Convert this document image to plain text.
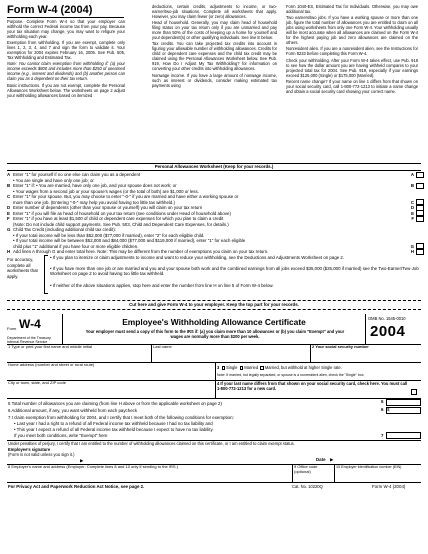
Form W-4 (2004)

Purpose. Complete Form W-4 so that your employer can withhold the correct Federal income tax from your pay. Because your tax situation may change, you may want to refigure your withholding each year.

Exemption from withholding. If you are exempt, complete only lines 1, 2, 3, 4, and 7 and sign the form to validate it. Your exemption for 2004 expires February 16, 2005. See Pub. 505, Tax Withholding and Estimated Tax.

Note: You cannot claim exemption from withholding if: (a) your income exceeds $800 and includes more than $250 of unearned income (e.g., interest and dividends) and (b) another person can claim you as a dependent on their tax return.

Basic instructions. If you are not exempt, complete the Personal Allowances Worksheet below. The worksheets on page 2 adjust your withholding allowances based on itemized

deductions, certain credits, adjustments to income, or two-earner/two-job situations. Complete all worksheets that apply. However, you may claim fewer (or zero) allowances.

Head of household. Generally, you may claim head of household filing status on your tax return only if you are unmarried and pay more than 50% of the costs of keeping up a home for yourself and your dependent(s) or other qualifying individuals. See line E below.

Tax credits. You can take projected tax credits into account in figuring your allowable number of withholding allowances. Credits for child or dependent care expenses and the child tax credit may be claimed using the Personal Allowances Worksheet below. See Pub. 919, How Do I Adjust My Tax Withholding? for information on converting your other credits into withholding allowances.

Nonwage income. If you have a large amount of nonwage income, such as interest or dividends, consider making estimated tax payments using

Form 1040-ES, Estimated Tax for Individuals. Otherwise, you may owe additional tax.

Two earners/two jobs. If you have a working spouse or more than one job, figure the total number of allowances you are entitled to claim on all jobs using worksheets from only one Form W-4. Your withholding usually will be most accurate when all allowances are claimed on the Form W-4 for the highest paying job and zero allowances are claimed on the others.

Nonresident alien. If you are a nonresident alien, see the Instructions for Form 8233 before completing this Form W-4.

Check your withholding. After your Form W-4 takes effect, use Pub. 919 to see how the dollar amount you are having withheld compares to your projected total tax for 2004. See Pub. 919, especially if your earnings exceed $125,000 (Single) or $175,000 (Married).

Recent name change? If your name on line 1 differs from that shown on your social security card, call 1-800-772-1213 to initiate a name change and obtain a social security card showing your correct name.

Personal Allowances Worksheet (Keep for your records.)
A Enter "1" for yourself if no one else can claim you as a dependent	A
• You are single and have only one job; or
B Enter "1" if: • You are married, have only one job, and your spouse does not work; or	B
• Your wages from a second job or your spouse's wages (or the total of both) are $1,000 or less.
C Enter "1" for your spouse. But, you may choose to enter "-0-" if you are married and have either a working spouse or
more than one job. (Entering "-0-" may help you avoid having too little tax withheld.)	C
D Enter number of dependents (other than your spouse or yourself) you will claim on your tax return	D
E Enter "1" if you will file as head of household on your tax return (see conditions under Head of household above)	E
F Enter "1" if you have at least $1,500 of child or dependent care expenses for which you plan to claim a credit	F
(Note: Do not include child support payments. See Pub. 503, Child and Dependent Care Expenses, for details.)
G Child Tax Credit (including additional child tax credit):
• If your total income will be less than $52,000 ($77,000 if married), enter "2" for each eligible child.
• If your total income will be between $52,000 and $84,000 ($77,000 and $119,000 if married), enter "1" for each eligible
child plus "1" additional if you have four or more eligible children.	G
H Add lines A through G and enter total here. Note: This may be different from the number of exemptions you claim on your tax return.	H
For accuracy, complete all worksheets that apply.
• If you plan to itemize or claim adjustments to income and want to reduce your withholding, see the Deductions and Adjustments Worksheet on page 2.
• If you have more than one job or are married and you and your spouse both work and the combined earnings from all jobs exceed $35,000 ($25,000 if married) see the Two-Earner/Two-Job Worksheet on page 2 to avoid having too little tax withheld.
• If neither of the above situations applies, stop here and enter the number from line H on line 5 of Form W-4 below.
Cut here and give Form W-4 to your employer. Keep the top part for your records.
Form W-4
Department of the Treasury Internal Revenue Service
Employee's Withholding Allowance Certificate
Your employer must send a copy of this form to the IRS if: (a) you claim more than 10 allowances or (b) you claim "Exempt" and your wages are normally more than $200 per week.
OMB No. 1545-0010
2004
1 Type or print your first name and middle initial	Last name	2 Your social security number
Home address (number and street or rural route)
3 Single  Married  Married, but withhold at higher Single rate.
Note: If married, but legally separated, or spouse is a nonresident alien, check the "Single" box.
City or town, state, and ZIP code	4 If your last name differs from that shown on your social security card, check here. You must call 1-800-772-1213 for a new card.
5 Total number of allowances you are claiming (from line H above or from the applicable worksheet on page 2)
6 Additional amount, if any, you want withheld from each paycheck
7 I claim exemption from withholding for 2004, and I certify that I meet both of the following conditions for exemption:
• Last year I had a right to a refund of all Federal income tax withheld because I had no tax liability and
• This year I expect a refund of all Federal income tax withheld because I expect to have no tax liability.
If you meet both conditions, write "Exempt" here
5
6 $
7
Under penalties of perjury, I certify that I am entitled to the number of withholding allowances claimed on this certificate, or I am entitled to claim exempt status.
Employee's signature
(Form is not valid unless you sign it.)
▶	Date ▶
8 Employer's name and address (Employer: Complete lines 8 and 10 only if sending to the IRS.)	9 Office code (optional)
10 Employer identification number (EIN)
For Privacy Act and Paperwork Reduction Act Notice, see page 2.	Cat. No. 10220Q	Form W-4 (2004)
